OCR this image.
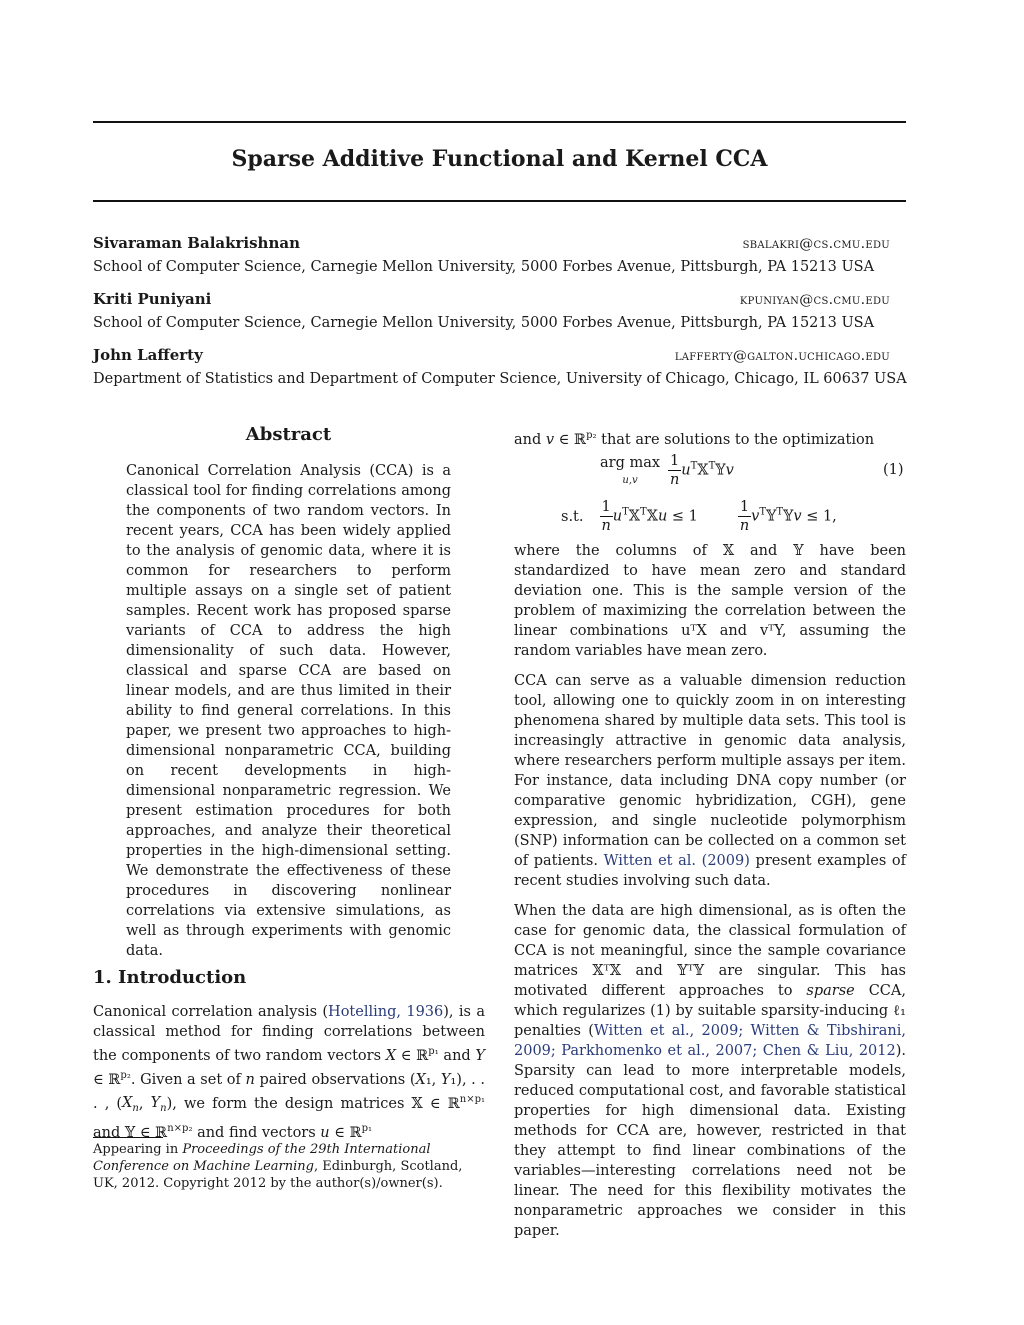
Sparse Additive Functional and Kernel CCA
Sivaraman Balakrishnan	sbalakri@cs.cmu.edu
School of Computer Science, Carnegie Mellon University, 5000 Forbes Avenue, Pittsburgh, PA 15213 USA
Kriti Puniyani	kpuniyan@cs.cmu.edu
School of Computer Science, Carnegie Mellon University, 5000 Forbes Avenue, Pittsburgh, PA 15213 USA
John Lafferty	lafferty@galton.uchicago.edu
Department of Statistics and Department of Computer Science, University of Chicago, Chicago, IL 60637 USA
Abstract

Canonical Correlation Analysis (CCA) is a classical tool for finding correlations among the components of two random vectors. In recent years, CCA has been widely applied to the analysis of genomic data, where it is common for researchers to perform multiple assays on a single set of patient samples. Recent work has proposed sparse variants of CCA to address the high dimensionality of such data. However, classical and sparse CCA are based on linear models, and are thus limited in their ability to find general correlations. In this paper, we present two approaches to high-dimensional nonparametric CCA, building on recent developments in high-dimensional nonparametric regression. We present estimation procedures for both approaches, and analyze their theoretical properties in the high-dimensional setting. We demonstrate the effectiveness of these procedures in discovering nonlinear correlations via extensive simulations, as well as through experiments with genomic data.

1. Introduction

Canonical correlation analysis (Hotelling, 1936), is a classical method for finding correlations between the components of two random vectors X ∈ ℝ$^{p_1}$ and Y ∈ ℝ$^{p_2}$. Given a set of n paired observations (X₁, Y₁), . . . , ($X_n$, $Y_n$), we form the design matrices 𝕏 ∈ ℝ$^{n\times p_1}$ and 𝕐 ∈ ℝ$^{n\times p_2}$ and find vectors u ∈ ℝ$^{p_1}$

Appearing in Proceedings of the 29th International Conference on Machine Learning, Edinburgh, Scotland, UK, 2012. Copyright 2012 by the author(s)/owner(s).

and v ∈ ℝ$^{p_2}$ that are solutions to the optimization

arg max
$u,v \frac{1}{n}$ $u^T𝕏^T𝕐v$	(1)
s.t. $\frac{1}{n}$ $u^T𝕏^T𝕏u \le 1$	$\frac{1}{n}$ $v^T𝕐^T𝕐v \le 1$,

where the columns of 𝕏 and 𝕐 have been standardized to have mean zero and standard deviation one. This is the sample version of the problem of maximizing the correlation between the linear combinations uᵀX and vᵀY, assuming the random variables have mean zero.

CCA can serve as a valuable dimension reduction tool, allowing one to quickly zoom in on interesting phenomena shared by multiple data sets. This tool is increasingly attractive in genomic data analysis, where researchers perform multiple assays per item. For instance, data including DNA copy number (or comparative genomic hybridization, CGH), gene expression, and single nucleotide polymorphism (SNP) information can be collected on a common set of patients. Witten et al. (2009) present examples of recent studies involving such data.

When the data are high dimensional, as is often the case for genomic data, the classical formulation of CCA is not meaningful, since the sample covariance matrices 𝕏ᵀ𝕏 and 𝕐ᵀ𝕐 are singular. This has motivated different approaches to sparse CCA, which regularizes (1) by suitable sparsity-inducing ℓ₁ penalties (Witten et al., 2009; Witten & Tibshirani, 2009; Parkhomenko et al., 2007; Chen & Liu, 2012). Sparsity can lead to more interpretable models, reduced computational cost, and favorable statistical properties for high dimensional data. Existing methods for CCA are, however, restricted in that they attempt to find linear combinations of the variables—interesting correlations need not be linear. The need for this flexibility motivates the nonparametric approaches we consider in this paper.
